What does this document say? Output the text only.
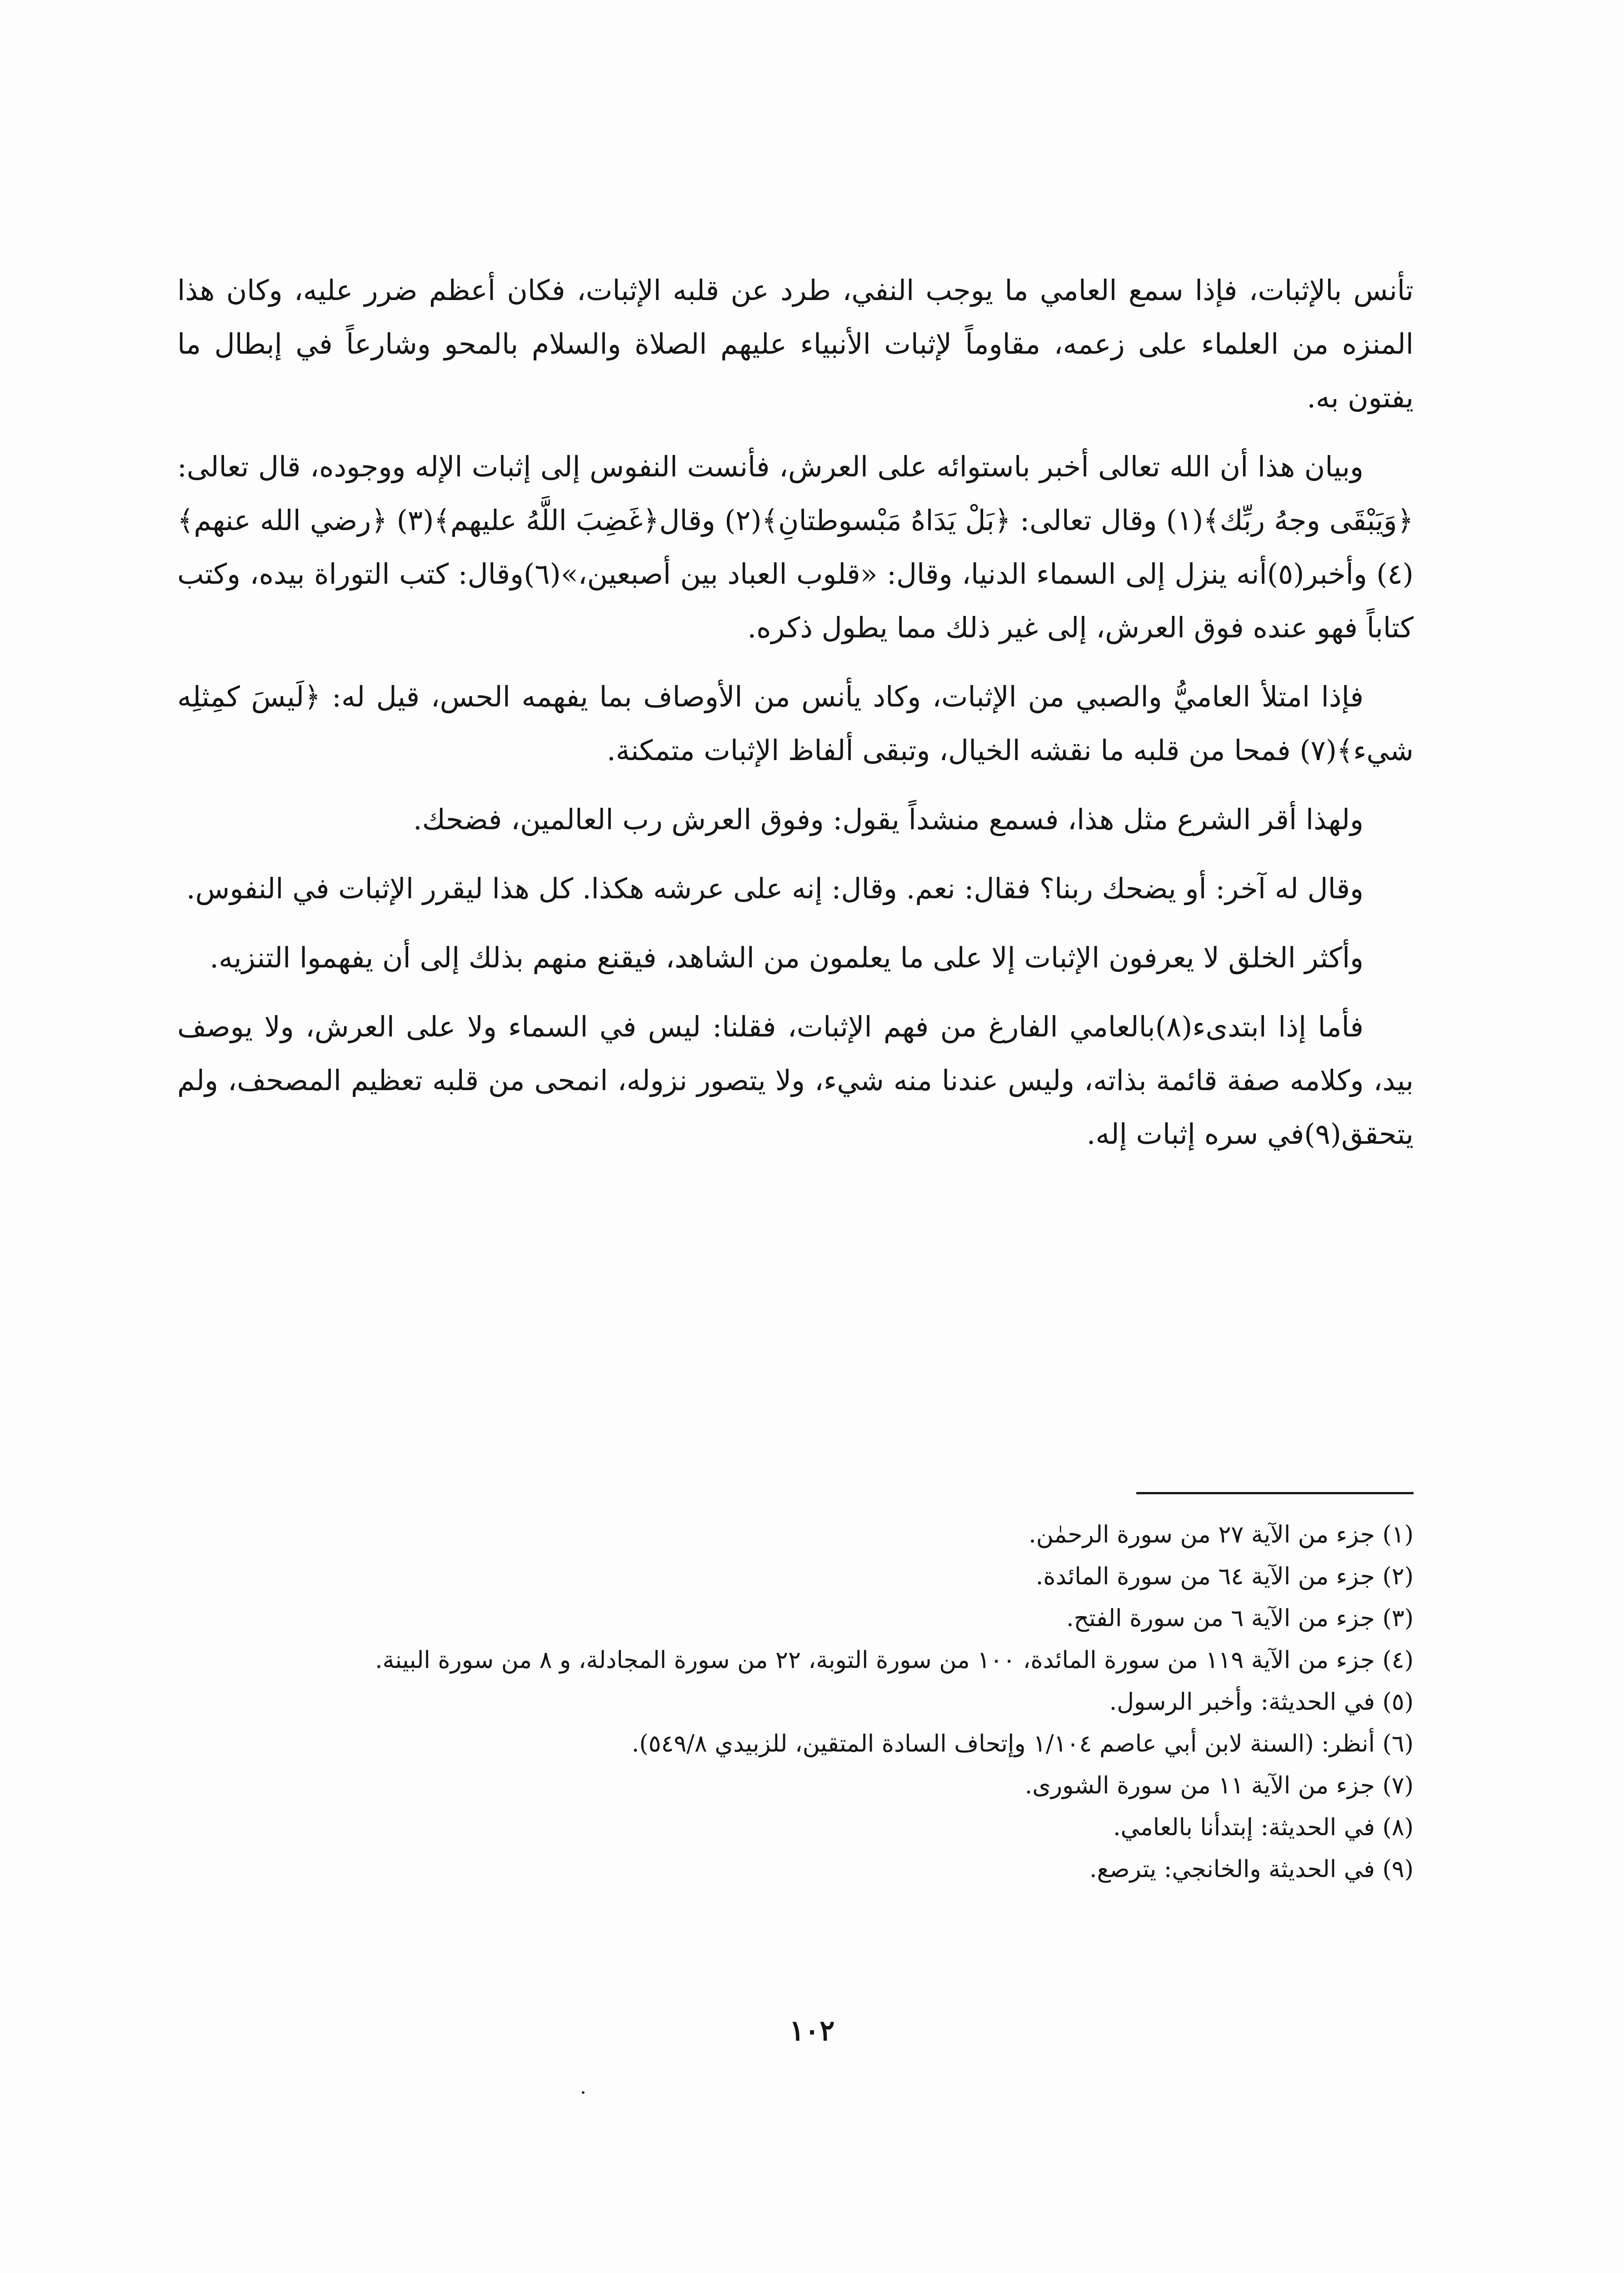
تأنس بالإثبات، فإذا سمع العامي ما يوجب النفي، طرد عن قلبه الإثبات، فكان أعظم ضرر عليه، وكان هذا المنزه من العلماء على زعمه، مقاوماً لإثبات الأنبياء عليهم الصلاة والسلام بالمحو وشارعاً في إبطال ما يفتون به.

وبيان هذا أن الله تعالى أخبر باستوائه على العرش، فأنست النفوس إلى إثبات الإله ووجوده، قال تعالى: ﴿وَيَبْقَى وجهُ ربِّك﴾(١) وقال تعالى: ﴿بَلْ يَدَاهُ مَبْسوطتانِ﴾(٢) وقال﴿غَضِبَ اللَّهُ عليهم﴾(٣) ﴿رضي الله عنهم﴾(٤) وأخبر(٥)أنه ينزل إلى السماء الدنيا، وقال: «قلوب العباد بين أصبعين،»(٦)وقال: كتب التوراة بيده، وكتب كتاباً فهو عنده فوق العرش، إلى غير ذلك مما يطول ذكره.

فإذا امتلأ العاميُّ والصبي من الإثبات، وكاد يأنس من الأوصاف بما يفهمه الحس، قيل له: ﴿لَيسَ كمِثلِه شيء﴾(٧) فمحا من قلبه ما نقشه الخيال، وتبقى ألفاظ الإثبات متمكنة.

ولهذا أقر الشرع مثل هذا، فسمع منشداً يقول: وفوق العرش رب العالمين، فضحك.

وقال له آخر: أو يضحك ربنا؟ فقال: نعم. وقال: إنه على عرشه هكذا. كل هذا ليقرر الإثبات في النفوس.

وأكثر الخلق لا يعرفون الإثبات إلا على ما يعلمون من الشاهد، فيقنع منهم بذلك إلى أن يفهموا التنزيه.

فأما إذا ابتدىء(٨)بالعامي الفارغ من فهم الإثبات، فقلنا: ليس في السماء ولا على العرش، ولا يوصف بيد، وكلامه صفة قائمة بذاته، وليس عندنا منه شيء، ولا يتصور نزوله، انمحى من قلبه تعظيم المصحف، ولم يتحقق(٩)في سره إثبات إله.

(١) جزء من الآية ٢٧ من سورة الرحمٰن.
(٢) جزء من الآية ٦٤ من سورة المائدة.
(٣) جزء من الآية ٦ من سورة الفتح.
(٤) جزء من الآية ١١٩ من سورة المائدة، ١٠٠ من سورة التوبة، ٢٢ من سورة المجادلة، و ٨ من سورة البينة.
(٥) في الحديثة: وأخبر الرسول.
(٦) أنظر: (السنة لابن أبي عاصم ١/١٠٤ وإتحاف السادة المتقين، للزبيدي ٥٤٩/٨).
(٧) جزء من الآية ١١ من سورة الشورى.
(٨) في الحديثة: إبتدأنا بالعامي.
(٩) في الحديثة والخانجي: يترصع.
١٠٢
